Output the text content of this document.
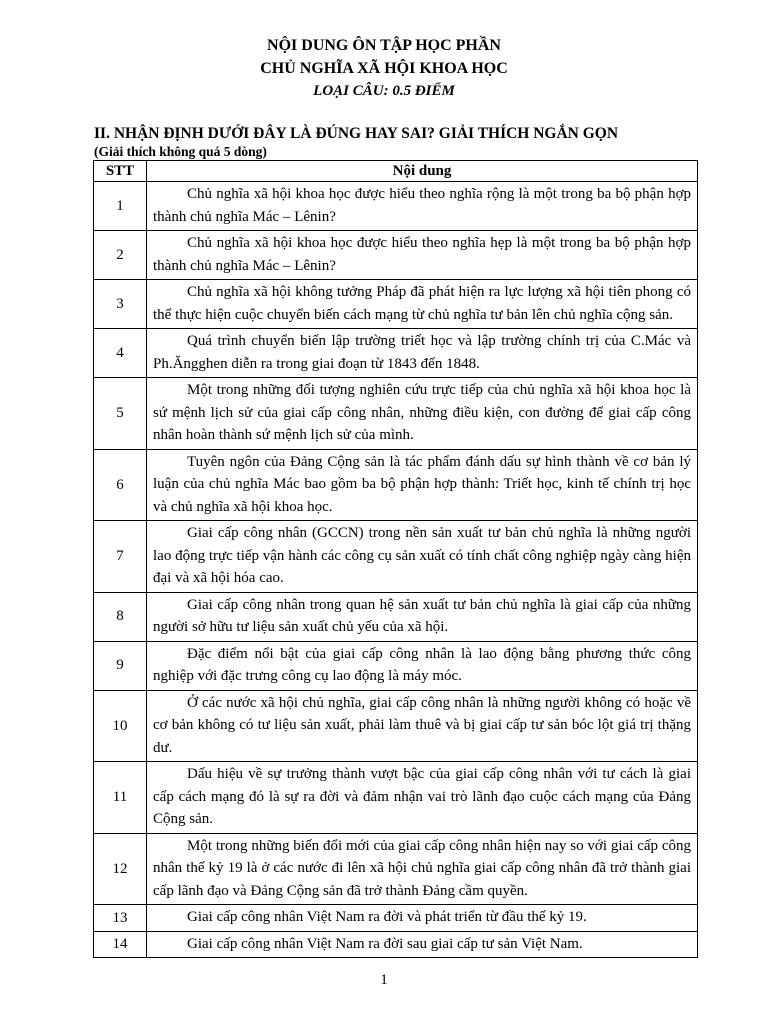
NỘI DUNG ÔN TẬP HỌC PHẦN

CHỦ NGHĨA XÃ HỘI KHOA HỌC

LOẠI CÂU: 0.5 ĐIỂM

II. NHẬN ĐỊNH DƯỚI ĐÂY LÀ ĐÚNG HAY SAI? GIẢI THÍCH NGẮN GỌN

(Giải thích không quá 5 dòng)

STT	Nội dung
1	Chủ nghĩa xã hội khoa học được hiểu theo nghĩa rộng là một trong ba bộ phận hợp thành chủ nghĩa Mác – Lênin?
2	Chủ nghĩa xã hội khoa học được hiểu theo nghĩa hẹp là một trong ba bộ phận hợp thành chủ nghĩa Mác – Lênin?
3	Chủ nghĩa xã hội không tưởng Pháp đã phát hiện ra lực lượng xã hội tiên phong có thể thực hiện cuộc chuyển biến cách mạng từ chủ nghĩa tư bản lên chủ nghĩa cộng sản.
4	Quá trình chuyển biến lập trường triết học và lập trường chính trị của C.Mác và Ph.Ăngghen diễn ra trong giai đoạn từ 1843 đến 1848.
5	Một trong những đối tượng nghiên cứu trực tiếp của chủ nghĩa xã hội khoa học là sứ mệnh lịch sử của giai cấp công nhân, những điều kiện, con đường để giai cấp công nhân hoàn thành sứ mệnh lịch sử của mình.
6	Tuyên ngôn của Đảng Cộng sản là tác phẩm đánh dấu sự hình thành về cơ bản lý luận của chủ nghĩa Mác bao gồm ba bộ phận hợp thành: Triết học, kinh tế chính trị học và chủ nghĩa xã hội khoa học.
7	Giai cấp công nhân (GCCN) trong nền sản xuất tư bản chủ nghĩa là những người lao động trực tiếp vận hành các công cụ sản xuất có tính chất công nghiệp ngày càng hiện đại và xã hội hóa cao.
8	Giai cấp công nhân trong quan hệ sản xuất tư bản chủ nghĩa là giai cấp của những người sở hữu tư liệu sản xuất chủ yếu của xã hội.
9	Đặc điểm nổi bật của giai cấp công nhân là lao động bằng phương thức công nghiệp với đặc trưng công cụ lao động là máy móc.
10	Ở các nước xã hội chủ nghĩa, giai cấp công nhân là những người không có hoặc về cơ bản không có tư liệu sản xuất, phải làm thuê và bị giai cấp tư sản bóc lột giá trị thặng dư.
11	Dấu hiệu về sự trưởng thành vượt bậc của giai cấp công nhân với tư cách là giai cấp cách mạng đó là sự ra đời và đảm nhận vai trò lãnh đạo cuộc cách mạng của Đảng Cộng sản.
12	Một trong những biến đổi mới của giai cấp công nhân hiện nay so với giai cấp công nhân thế kỷ 19 là ở các nước đi lên xã hội chủ nghĩa giai cấp công nhân đã trở thành giai cấp lãnh đạo và Đảng Cộng sản đã trở thành Đảng cầm quyền.
13	Giai cấp công nhân Việt Nam ra đời và phát triển từ đầu thế kỷ 19.
14	Giai cấp công nhân Việt Nam ra đời sau giai cấp tư sản Việt Nam.
1
